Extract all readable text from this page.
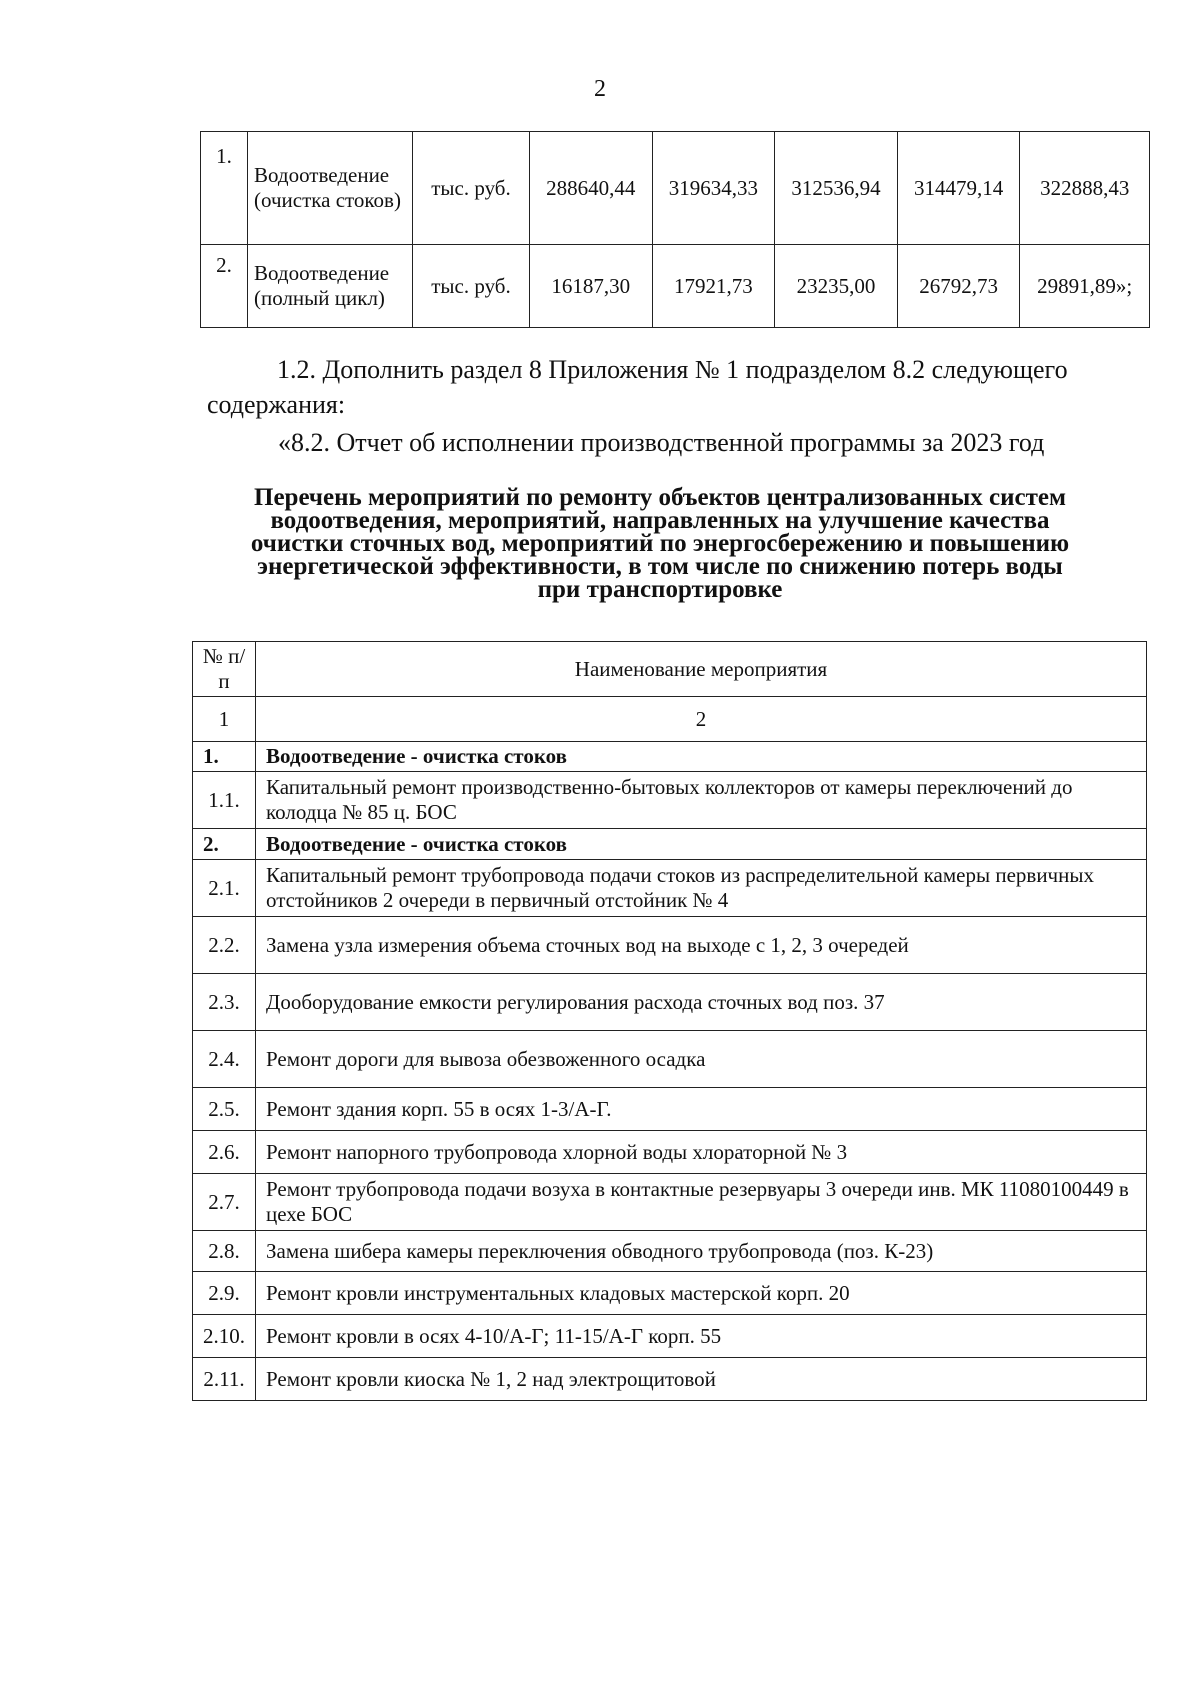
2
1.	Водоотведение (очистка стоков)	тыс. руб.	288640,44	319634,33	312536,94	314479,14	322888,43
2.	Водоотведение (полный цикл)	тыс. руб.	16187,30	17921,73	23235,00	26792,73	29891,89»;
1.2. Дополнить раздел 8 Приложения № 1 подразделом 8.2 следующего
содержания:
«8.2. Отчет об исполнении производственной программы за 2023 год
Перечень мероприятий по ремонту объектов централизованных систем
водоотведения, мероприятий, направленных на улучшение качества
очистки сточных вод, мероприятий по энергосбережению и повышению
энергетической эффективности, в том числе по снижению потерь воды
при транспортировке
№ п/п	Наименование мероприятия
1	2
1.	Водоотведение - очистка стоков
1.1.	Капитальный ремонт производственно-бытовых коллекторов от камеры переключений до колодца № 85 ц. БОС
2.	Водоотведение - очистка стоков
2.1.	Капитальный ремонт трубопровода подачи стоков из распределительной камеры первичных отстойников 2 очереди в первичный отстойник № 4
2.2.	Замена узла измерения объема сточных вод на выходе с 1, 2, 3 очередей
2.3.	Дооборудование емкости регулирования расхода сточных вод поз. 37
2.4.	Ремонт дороги для вывоза обезвоженного осадка
2.5.	Ремонт здания корп. 55 в осях 1-3/А-Г.
2.6.	Ремонт напорного трубопровода хлорной воды хлораторной № 3
2.7.	Ремонт трубопровода подачи возуха в контактные резервуары 3 очереди инв. МК 11080100449 в цехе БОС
2.8.	Замена шибера камеры переключения обводного трубопровода (поз. К-23)
2.9.	Ремонт кровли инструментальных кладовых мастерской корп. 20
2.10.	Ремонт кровли в осях 4-10/А-Г; 11-15/А-Г корп. 55
2.11.	Ремонт кровли киоска № 1, 2 над электрощитовой
